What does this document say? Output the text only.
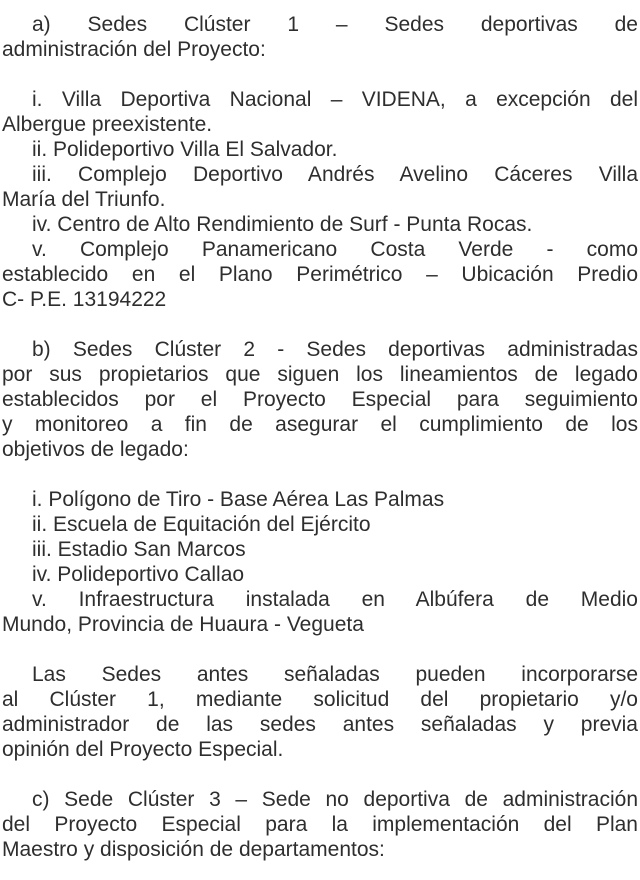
a) Sedes Clúster 1 – Sedes deportivas de
administración del Proyecto:
i. Villa Deportiva Nacional – VIDENA, a excepción del
Albergue preexistente.
ii. Polideportivo Villa El Salvador.
iii. Complejo Deportivo Andrés Avelino Cáceres Villa
María del Triunfo.
iv. Centro de Alto Rendimiento de Surf - Punta Rocas.
v. Complejo Panamericano Costa Verde - como
establecido en el Plano Perimétrico – Ubicación Predio
C- P.E. 13194222
b) Sedes Clúster 2 - Sedes deportivas administradas
por sus propietarios que siguen los lineamientos de legado
establecidos por el Proyecto Especial para seguimiento
y monitoreo a fin de asegurar el cumplimiento de los
objetivos de legado:
i. Polígono de Tiro - Base Aérea Las Palmas
ii. Escuela de Equitación del Ejército
iii. Estadio San Marcos
iv. Polideportivo Callao
v. Infraestructura instalada en Albúfera de Medio
Mundo, Provincia de Huaura - Vegueta
Las Sedes antes señaladas pueden incorporarse
al Clúster 1, mediante solicitud del propietario y/o
administrador de las sedes antes señaladas y previa
opinión del Proyecto Especial.
c) Sede Clúster 3 – Sede no deportiva de administración
del Proyecto Especial para la implementación del Plan
Maestro y disposición de departamentos:
